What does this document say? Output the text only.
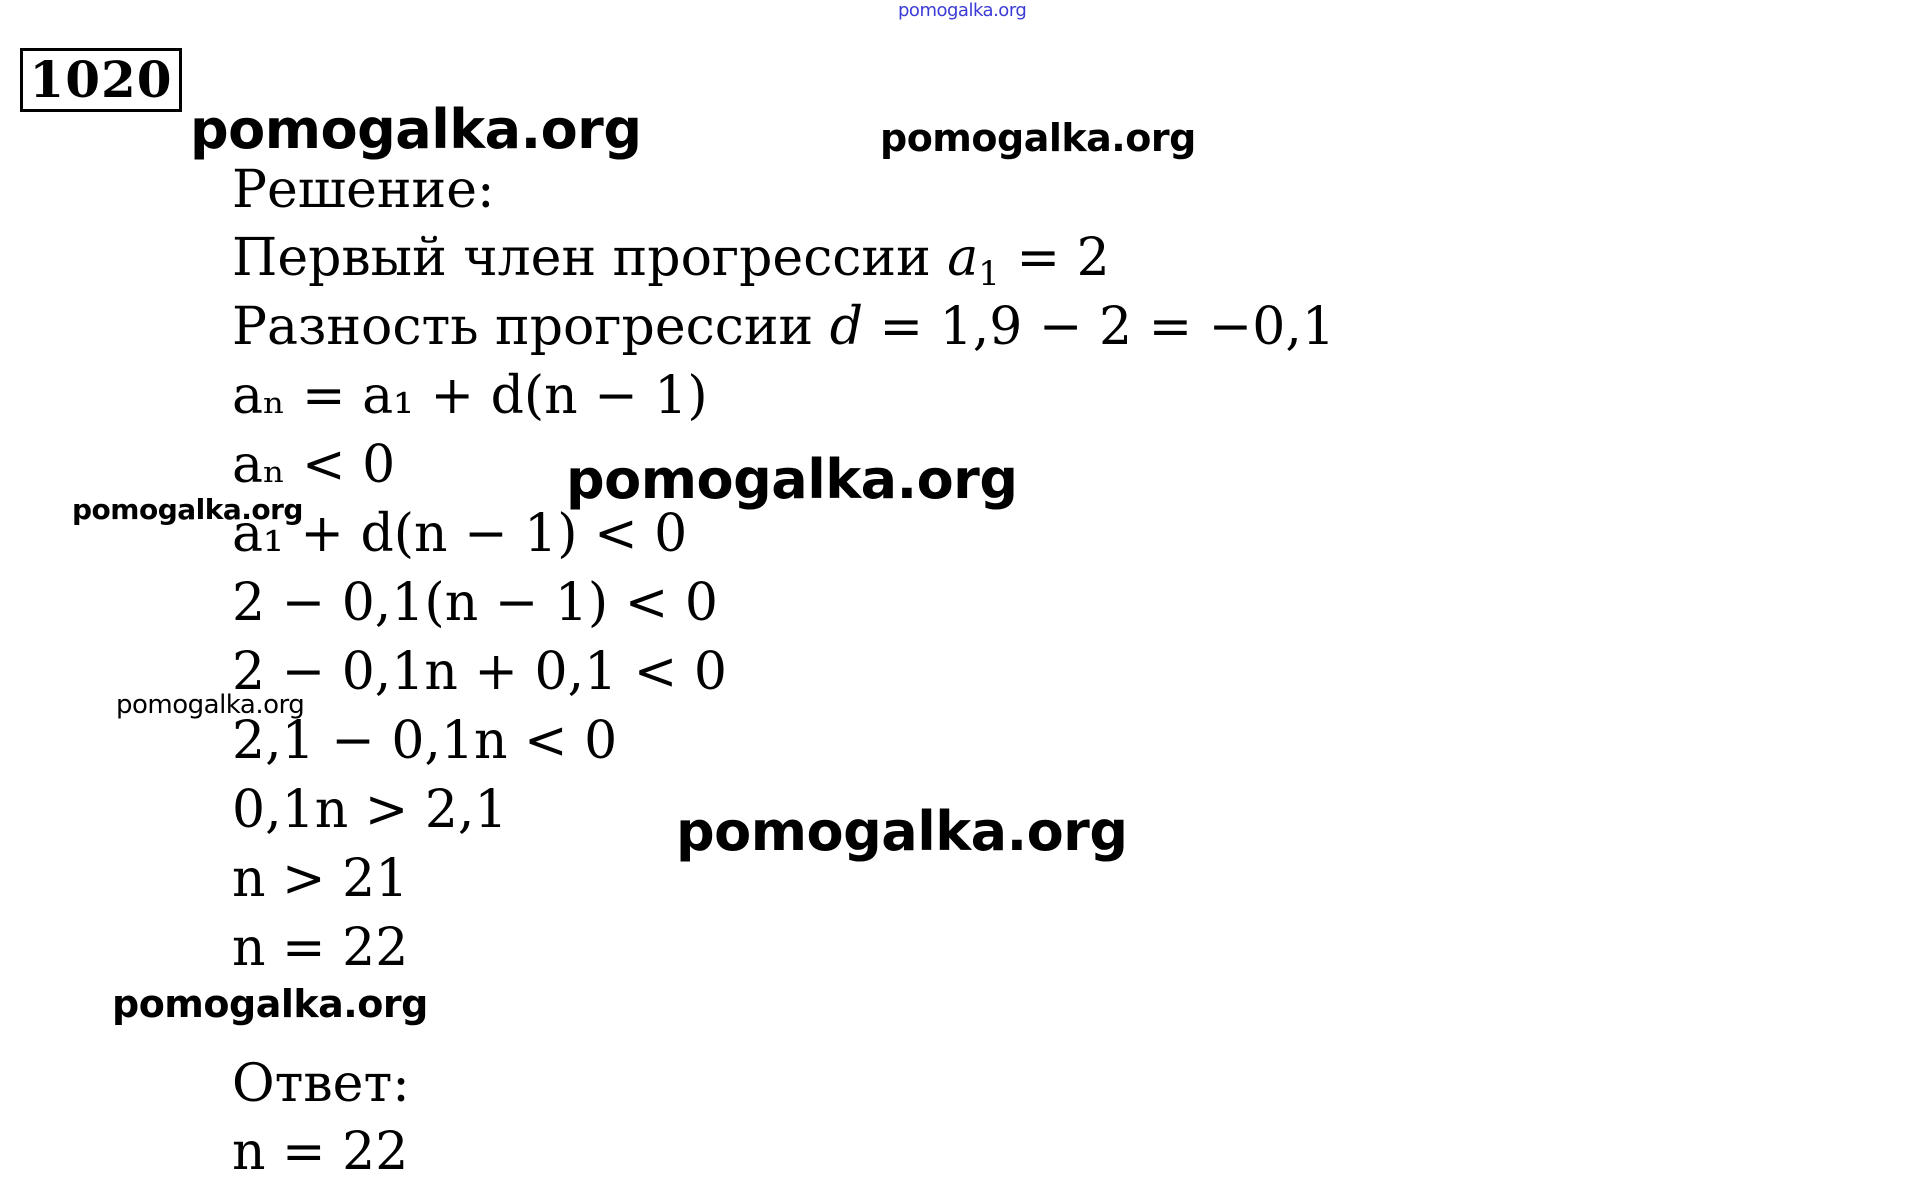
pomogalka.org
pomogalka.org	pomogalka.org
pomogalka.org
pomogalka.org
pomogalka.org
pomogalka.org
pomogalka.org
1020
Решение:
Первый член прогрессии $a_1 = 2$
Разность прогрессии d = 1,9 − 2 = −0,1
aₙ = a₁ + d(n − 1)
aₙ < 0
a₁ + d(n − 1) < 0
2 − 0,1(n − 1) < 0
2 − 0,1n + 0,1 < 0
2,1 − 0,1n < 0
0,1n > 2,1
n > 21
n = 22
Ответ:
n = 22
